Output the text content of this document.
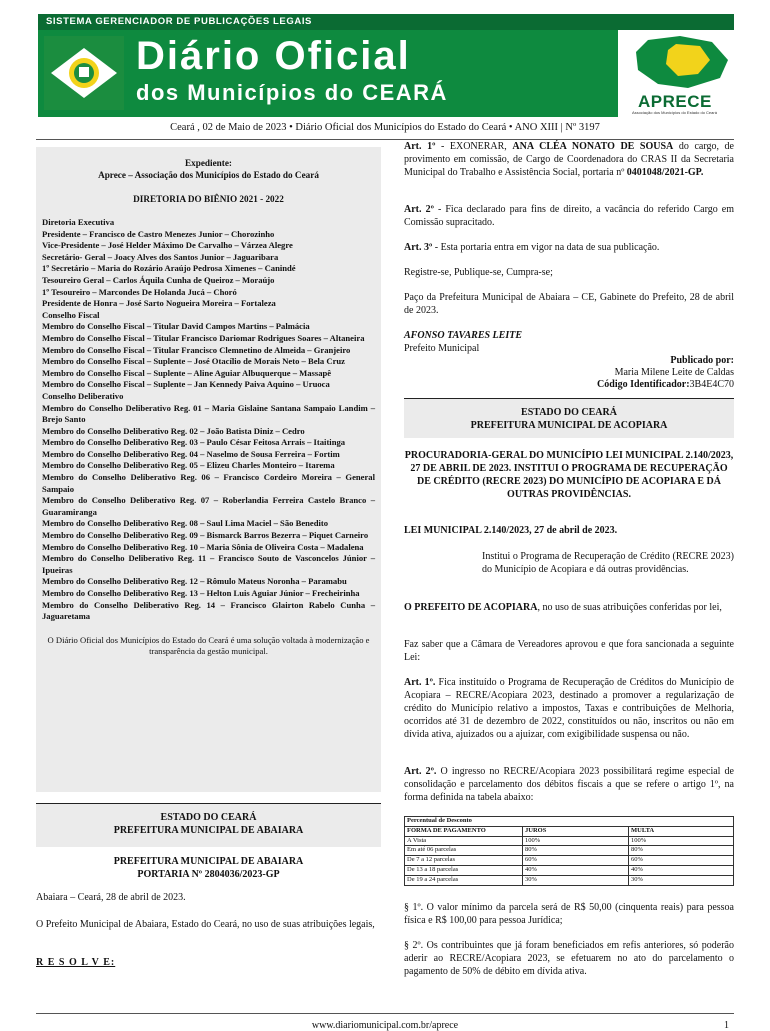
SISTEMA GERENCIADOR DE PUBLICAÇÕES LEGAIS
Diário Oficial
dos Municípios do CEARÁ	APRECE
Associação dos Municípios do Estado do Ceará
Ceará , 02 de Maio de 2023 • Diário Oficial dos Municípios do Estado do Ceará • ANO XIII | Nº 3197
Expediente:
Aprece – Associação dos Municípios do Estado do Ceará
DIRETORIA DO BIÊNIO 2021 - 2022
Diretoria Executiva
Presidente – Francisco de Castro Menezes Junior – Chorozinho
Vice-Presidente – José Helder Máximo De Carvalho – Várzea Alegre
Secretário- Geral – Joacy Alves dos Santos Junior – Jaguaribara
1º Secretário – Maria do Rozário Araújo Pedrosa Ximenes – Canindé
Tesoureiro Geral – Carlos Áquila Cunha de Queiroz – Moraújo
1º Tesoureiro – Marcondes De Holanda Jucá – Choró
Presidente de Honra – José Sarto Nogueira Moreira – Fortaleza
Conselho Fiscal
Membro do Conselho Fiscal – Titular David Campos Martins – Palmácia
Membro do Conselho Fiscal – Titular Francisco Dariomar Rodrigues Soares – Altaneira
Membro do Conselho Fiscal – Titular Francisco Clemnetino de Almeida – Granjeiro
Membro do Conselho Fiscal – Suplente – José Otacílio de Morais Neto – Bela Cruz
Membro do Conselho Fiscal – Suplente – Aline Aguiar Albuquerque – Massapê
Membro do Conselho Fiscal – Suplente – Jan Kennedy Paiva Aquino – Uruoca
Conselho Deliberativo
Membro do Conselho Deliberativo Reg. 01 – Maria Gislaine Santana Sampaio Landim – Brejo Santo
Membro do Conselho Deliberativo Reg. 02 – João Batista Diniz – Cedro
Membro do Conselho Deliberativo Reg. 03 – Paulo César Feitosa Arrais – Itaitinga
Membro do Conselho Deliberativo Reg. 04 – Naselmo de Sousa Ferreira – Fortim
Membro do Conselho Deliberativo Reg. 05 – Elizeu Charles Monteiro – Itarema
Membro do Conselho Deliberativo Reg. 06 – Francisco Cordeiro Moreira – General Sampaio
Membro do Conselho Deliberativo Reg. 07 – Roberlandia Ferreira Castelo Branco – Guaramiranga
Membro do Conselho Deliberativo Reg. 08 – Saul Lima Maciel – São Benedito
Membro do Conselho Deliberativo Reg. 09 – Bismarck Barros Bezerra – Piquet Carneiro
Membro do Conselho Deliberativo Reg. 10 – Maria Sônia de Oliveira Costa – Madalena
Membro do Conselho Deliberativo Reg. 11 – Francisco Souto de Vasconcelos Júnior – Ipueiras
Membro do Conselho Deliberativo Reg. 12 – Rômulo Mateus Noronha – Paramabu
Membro do Conselho Deliberativo Reg. 13 – Helton Luis Aguiar Júnior – Frecheirinha
Membro do Conselho Deliberativo Reg. 14 – Francisco Glairton Rabelo Cunha – Jaguaretama
O Diário Oficial dos Municípios do Estado do Ceará é uma solução voltada à modernização e transparência da gestão municipal.
ESTADO DO CEARÁ
PREFEITURA MUNICIPAL DE ABAIARA
PREFEITURA MUNICIPAL DE ABAIARA
PORTARIA Nº 2804036/2023-GP
Abaiara – Ceará, 28 de abril de 2023.
O Prefeito Municipal de Abaiara, Estado do Ceará, no uso de suas atribuições legais,
R E S O L V E:
Art. 1º - EXONERAR, ANA CLÉA NONATO DE SOUSA do cargo, de provimento em comissão, de Cargo de Coordenadora do CRAS II da Secretaria Municipal do Trabalho e Assistência Social, portaria nº 0401048/2021-GP.
Art. 2º - Fica declarado para fins de direito, a vacância do referido Cargo em Comissão supracitado.
Art. 3º - Esta portaria entra em vigor na data de sua publicação.
Registre-se, Publique-se, Cumpra-se;
Paço da Prefeitura Municipal de Abaiara – CE, Gabinete do Prefeito, 28 de abril de 2023.
AFONSO TAVARES LEITE
Prefeito Municipal
Publicado por:
Maria Milene Leite de Caldas
Código Identificador:3B4E4C70
ESTADO DO CEARÁ
PREFEITURA MUNICIPAL DE ACOPIARA
PROCURADORIA-GERAL DO MUNICÍPIO LEI MUNICIPAL 2.140/2023, 27 DE ABRIL DE 2023. INSTITUI O PROGRAMA DE RECUPERAÇÃO DE CRÉDITO (RECRE 2023) DO MUNICÍPIO DE ACOPIARA E DÁ OUTRAS PROVIDÊNCIAS.
LEI MUNICIPAL 2.140/2023, 27 de abril de 2023.
Institui o Programa de Recuperação de Crédito (RECRE 2023) do Município de Acopiara e dá outras providências.
O PREFEITO DE ACOPIARA, no uso de suas atribuições conferidas por lei,
Faz saber que a Câmara de Vereadores aprovou e que fora sancionada a seguinte Lei:
Art. 1º. Fica instituído o Programa de Recuperação de Créditos do Município de Acopiara – RECRE/Acopiara 2023, destinado a promover a regularização de crédito do Município relativo a impostos, Taxas e contribuições de Melhoria, ocorridos até 31 de dezembro de 2022, constituídos ou não, inscritos ou não em dívida ativa, ajuizados ou a ajuizar, com exigibilidade suspensa ou não.
Art. 2º. O ingresso no RECRE/Acopiara 2023 possibilitará regime especial de consolidação e parcelamento dos débitos fiscais a que se refere o artigo 1º, na forma definida na tabela abaixo:
Percentual de Desconto		
FORMA DE PAGAMENTO	JUROS	MULTA
A Vista	100%	100%
Em até 06 parcelas	80%	80%
De 7 a 12 parcelas	60%	60%
De 13 a 18 parcelas	40%	40%
De 19 a 24 parcelas	30%	30%
§ 1º. O valor mínimo da parcela será de R$ 50,00 (cinquenta reais) para pessoa física e R$ 100,00 para pessoa Jurídica;
§ 2º. Os contribuintes que já foram beneficiados em refis anteriores, só poderão aderir ao RECRE/Acopiara 2023, se efetuarem no ato do parcelamento o pagamento de 50% de débito em dívida ativa.
www.diariomunicipal.com.br/aprece	1
